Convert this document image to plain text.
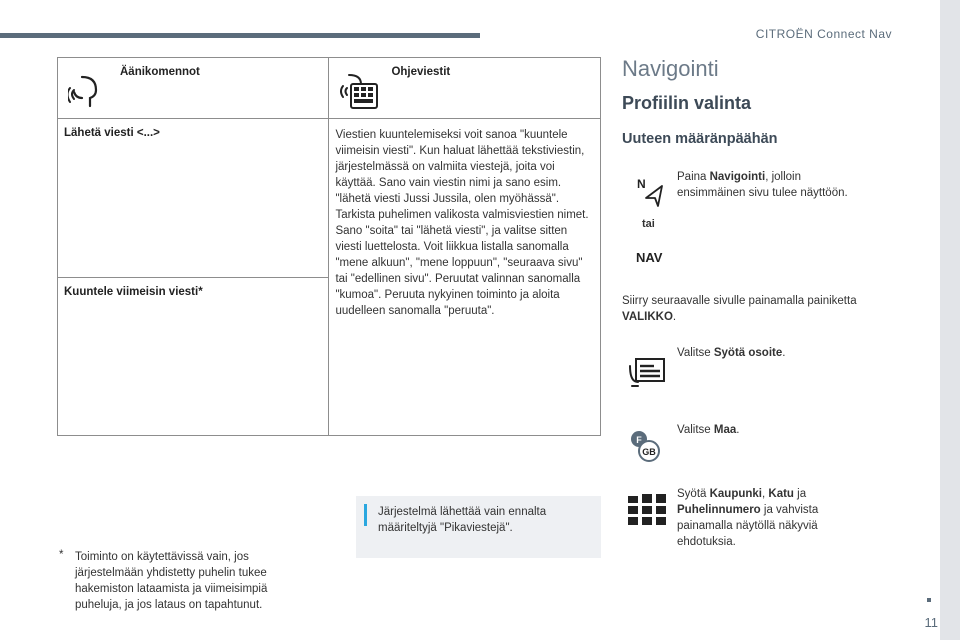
CITROËN Connect Nav
11
Äänikomennot	Ohjeviestit

Lähetä viesti <...>	Viestien kuuntelemiseksi voit sanoa "kuuntele viimeisin viesti". Kun haluat lähettää tekstiviestin, järjestelmässä on valmiita viestejä, joita voi käyttää. Sano vain viestin nimi ja sano esim. "lähetä viesti Jussi Jussila, olen myöhässä". Tarkista puhelimen valikosta valmisviestien nimet. Sano "soita" tai "lähetä viesti", ja valitse sitten viesti luettelosta. Voit liikkua listalla sanomalla "mene alkuun", "mene loppuun", "seuraava sivu" tai "edellinen sivu". Peruutat valinnan sanomalla "kumoa". Peruuta nykyinen toiminto ja aloita uudelleen sanomalla "peruuta".

Kuuntele viimeisin viesti*	
Järjestelmä lähettää vain ennalta määriteltyjä "Pikaviestejä".
* Toiminto on käytettävissä vain, jos järjestelmään yhdistetty puhelin tukee hakemiston lataamista ja viimeisimpiä puheluja, ja jos lataus on tapahtunut.
Navigointi
Profiilin valinta
Uuteen määränpäähän
N
tai
NAV
Paina Navigointi, jolloin ensimmäinen sivu tulee näyttöön.
Siirry seuraavalle sivulle painamalla painiketta VALIKKO.
Valitse Syötä osoite.
F
GB
Valitse Maa.
Syötä Kaupunki, Katu ja Puhelinnumero ja vahvista painamalla näytöllä näkyviä ehdotuksia.
